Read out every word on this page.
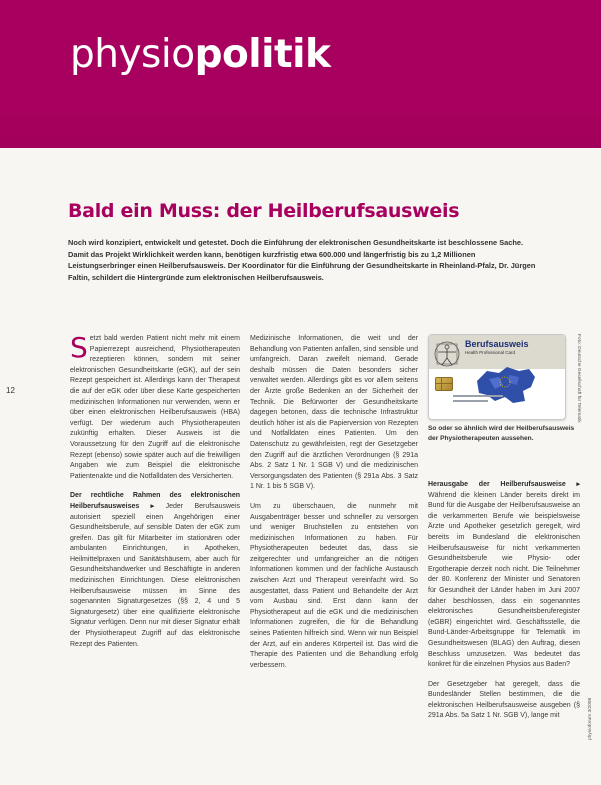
physiopolitik
Bald ein Muss: der Heilberufsausweis
Noch wird konzipiert, entwickelt und getestet. Doch die Einführung der elektronischen Gesundheitskarte ist beschlossene Sache. Damit das Projekt Wirklichkeit werden kann, benötigen kurzfristig etwa 600.000 und längerfristig bis zu 1,2 Millionen Leistungserbringer einen Heilberufsausweis. Der Koordinator für die Einführung der Gesundheitskarte in Rheinland-Pfalz, Dr. Jürgen Faltin, schildert die Hintergründe zum elektronischen Heilberufsausweis.
12

Setzt bald werden Patient nicht mehr mit einem Papierrezept ausreichend, Physiotherapeuten rezeptieren können, sondern mit seiner elektronischen Gesundheitskarte (eGK), auf der sein Rezept gespeichert ist. Allerdings kann der Therapeut die auf der eGK oder über diese Karte gespeicherten medizinischen Informationen nur verwenden, wenn er über einen elektronischen Heilberufsausweis (HBA) verfügt. Der wiederum auch Physiotherapeuten zukünftig erhalten. Dieser Ausweis ist die Voraussetzung für den Zugriff auf die elektronische Rezept (ebenso) sowie später auch auf die freiwilligen Angaben wie zum Beispiel die elektronische Patientenakte und die Notfalldaten des Versicherten.

Der rechtliche Rahmen des elektronischen Heilberufsausweises ▸ Jeder Berufsausweis autorisiert speziell einen Angehörigen einer Gesundheitsberufe, auf sensible Daten der eGK zum greifen. Das gilt für Mitarbeiter im stationären oder ambulanten Einrichtungen, in Apotheken, Heilmittelpraxen und Sanitätshäusern, aber auch für Gesundheitshandwerker und Beschäftigte in anderen medizinischen Einrichtungen. Diese elektronischen Heilberufsausweise müssen im Sinne des sogenannten Signaturgesetzes (§§ 2, 4 und 5 Signaturgesetz) über eine qualifizierte elektronische Signatur verfügen. Denn nur mit dieser Signatur erhält der Physiotherapeut Zugriff auf das elektronische Rezept des Patienten.

Medizinische Informationen, die weit und der Behandlung von Patienten anfallen, sind sensible und umfangreich. Daran zweifelt niemand. Gerade deshalb müssen die Daten besonders sicher verwaltet werden. Allerdings gibt es vor allem seitens der Ärzte große Bedenken an der Sicherheit der Technik. Die Befürworter der Gesundheitskarte dagegen betonen, dass die technische Infrastruktur deutlich höher ist als die Papierversion von Rezepten und Notfalldaten eines Patienten. Um den Datenschutz zu gewährleisten, regt der Gesetzgeber den Zugriff auf die ärztlichen Verordnungen (§ 291a Abs. 2 Satz 1 Nr. 1 SGB V) und die medizinischen Versorgungsdaten des Patienten (§ 291a Abs. 3 Satz 1 Nr. 1 bis 5 SGB V).

Um zu überschauen, die nunmehr mit Ausgabenträger besser und schneller zu versorgen und weniger Bruchstellen zu entstehen von medizinischen Informationen zu haben. Für Physiotherapeuten bedeutet das, dass sie zeitgerechter und umfangreicher an die nötigen Informationen kommen und der fachliche Austausch zwischen Arzt und Therapeut vereinfacht wird. So ausgestattet, dass Patient und Behandelte der Arzt vom Ausbau sind. Erst dann kann der Physiotherapeut auf die eGK und die medizinischen Informationen zugreifen, die für die Behandlung seines Patienten hilfreich sind. Wenn wir nun Beispiel der Arzt, auf ein anderes Körperteil ist. Das wird die Therapie des Patienten und die Behandlung erfolg verbessern.

Berufsausweis
Health Professional Card	Foto: Deutsche Gesellschaft für Telematik
So oder so ähnlich wird der Heilberufsausweis der Physiotherapeuten aussehen.

Herausgabe der Heilberufsausweise ▸ Während die kleinen Länder bereits direkt im Bund für die Ausgabe der Heilberufsausweise an die verkammerten Berufe wie beispielsweise Ärzte und Apotheker gesetzlich geregelt, wird bereits im Bundesland die elektronischen Heilberufsausweise für nicht verkammerten Gesundheitsberufe wie Physio- oder Ergotherapie derzeit noch nicht. Die Teilnehmer der 80. Konferenz der Minister und Senatoren für Gesundheit der Länder haben im Juni 2007 daher beschlossen, dass ein sogenanntes elektronisches Gesundheitsberuferegister (eGBR) eingerichtet wird. Geschäftsstelle, die Bund-Länder-Arbeitsgruppe für Telematik im Gesundheitswesen (BLAG) den Auftrag, diesen Beschluss umzusetzen. Was bedeutet das konkret für die einzelnen Physios aus Baden?

Der Gesetzgeber hat geregelt, dass die Bundesländer Stellen bestimmen, die die elektronischen Heilberufsausweise ausgeben (§ 291a Abs. 5a Satz 1 Nr. SGB V), lange mit	physioforum 3/2008
